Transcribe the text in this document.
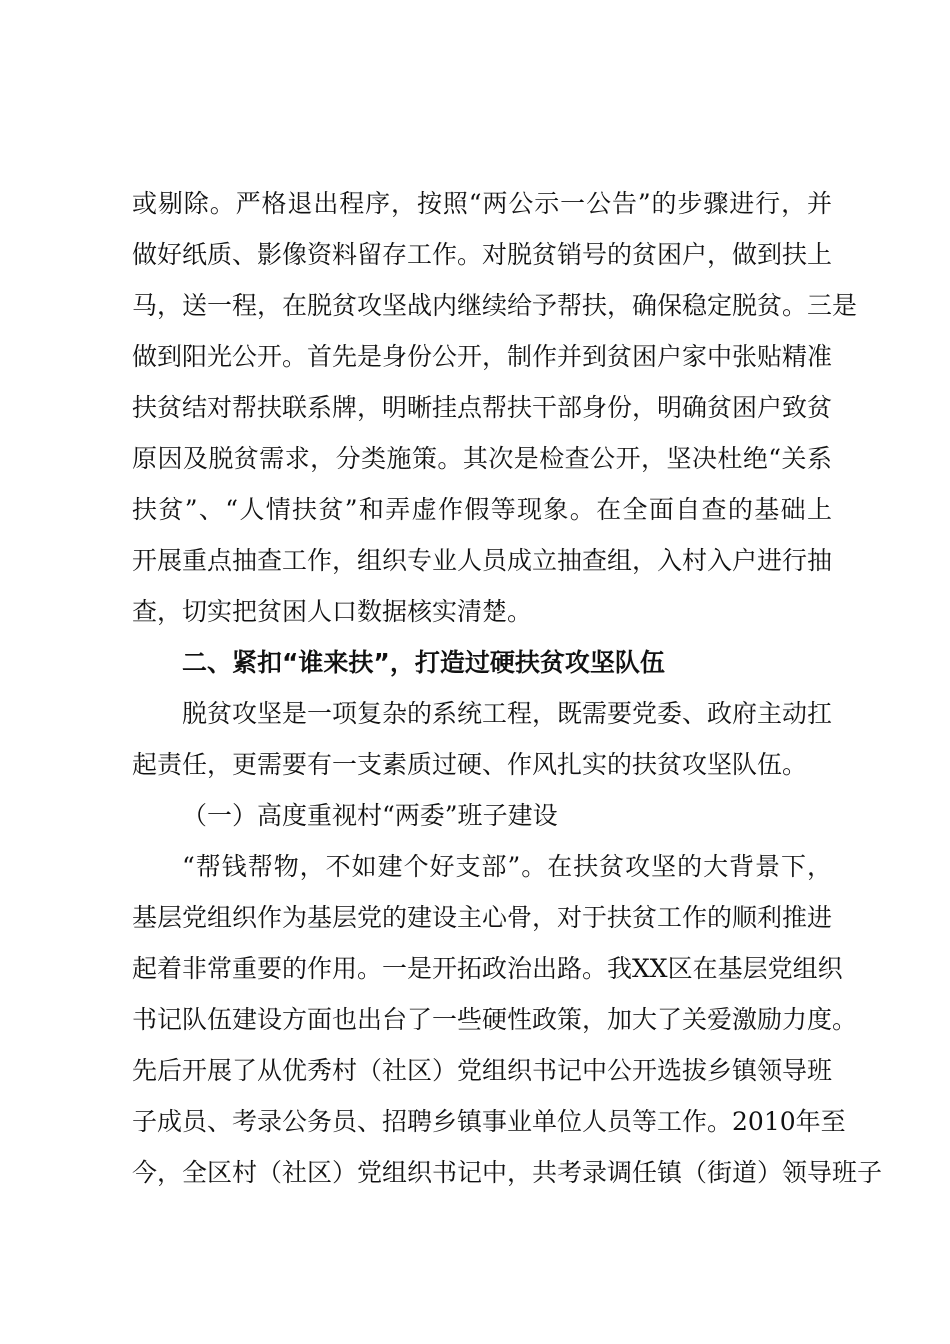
或剔除。严格退出程序，按照“两公示一公告”的步骤进行，并
做好纸质、影像资料留存工作。对脱贫销号的贫困户，做到扶上
马，送一程，在脱贫攻坚战内继续给予帮扶，确保稳定脱贫。三是
做到阳光公开。首先是身份公开，制作并到贫困户家中张贴精准
扶贫结对帮扶联系牌，明晰挂点帮扶干部身份，明确贫困户致贫
原因及脱贫需求，分类施策。其次是检查公开，坚决杜绝“关系
扶贫”、“人情扶贫”和弄虚作假等现象。在全面自查的基础上
开展重点抽查工作，组织专业人员成立抽查组，入村入户进行抽
查，切实把贫困人口数据核实清楚。
二、紧扣“谁来扶”，打造过硬扶贫攻坚队伍
脱贫攻坚是一项复杂的系统工程，既需要党委、政府主动扛
起责任，更需要有一支素质过硬、作风扎实的扶贫攻坚队伍。
（一）高度重视村“两委”班子建设
“帮钱帮物，不如建个好支部”。在扶贫攻坚的大背景下，
基层党组织作为基层党的建设主心骨，对于扶贫工作的顺利推进
起着非常重要的作用。一是开拓政治出路。我XX区在基层党组织
书记队伍建设方面也出台了一些硬性政策，加大了关爱激励力度。
先后开展了从优秀村（社区）党组织书记中公开选拔乡镇领导班
子成员、考录公务员、招聘乡镇事业单位人员等工作。2010年至
今，全区村（社区）党组织书记中，共考录调任镇（街道）领导班子
